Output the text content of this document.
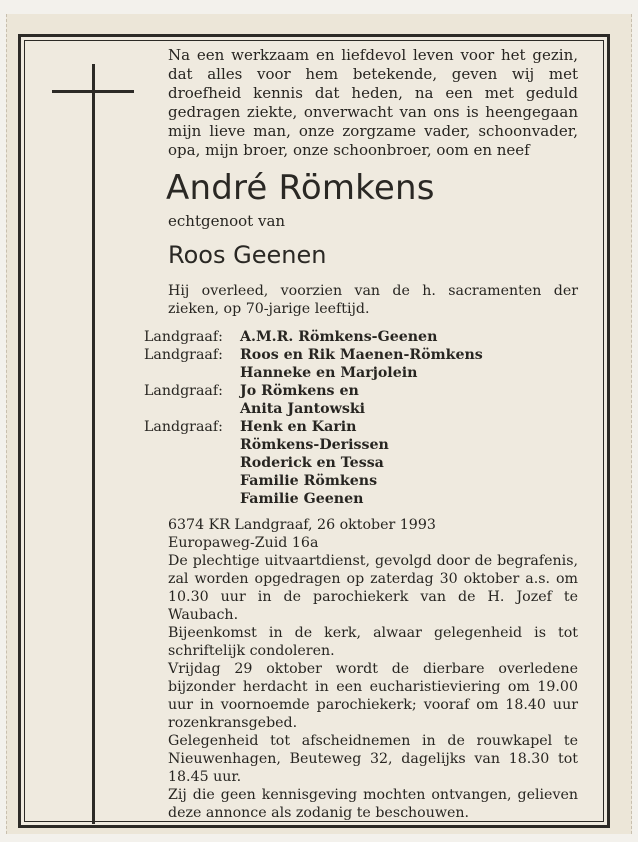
Na een werkzaam en liefdevol leven voor het gezin, dat alles voor hem betekende, geven wij met droefheid kennis dat heden, na een met geduld gedragen ziekte, onverwacht van ons is heengegaan mijn lieve man, onze zorgzame vader, schoonvader, opa, mijn broer, onze schoonbroer, oom en neef

André Römkens
echtgenoot van
Roos Geenen

Hij overleed, voorzien van de h. sacramenten der zieken, op 70-jarige leeftijd.

Landgraaf:	A.M.R. Römkens-Geenen
Landgraaf:	Roos en Rik Maenen-Römkens
Hanneke en Marjolein
Landgraaf:	Jo Römkens en
Anita Jantowski
Landgraaf:	Henk en Karin
Römkens-Derissen
Roderick en Tessa
Familie Römkens
Familie Geenen

6374 KR Landgraaf, 26 oktober 1993

Europaweg-Zuid 16a

De plechtige uitvaartdienst, gevolgd door de begrafenis, zal worden opgedragen op zaterdag 30 oktober a.s. om 10.30 uur in de parochiekerk van de H. Jozef te Waubach.

Bijeenkomst in de kerk, alwaar gelegenheid is tot schriftelijk condoleren.

Vrijdag 29 oktober wordt de dierbare overledene bijzonder herdacht in een eucharistieviering om 19.00 uur in voornoemde parochiekerk; vooraf om 18.40 uur rozenkransgebed.

Gelegenheid tot afscheidnemen in de rouwkapel te Nieuwenhagen, Beuteweg 32, dagelijks van 18.30 tot 18.45 uur.

Zij die geen kennisgeving mochten ontvangen, gelieven deze annonce als zodanig te beschouwen.
